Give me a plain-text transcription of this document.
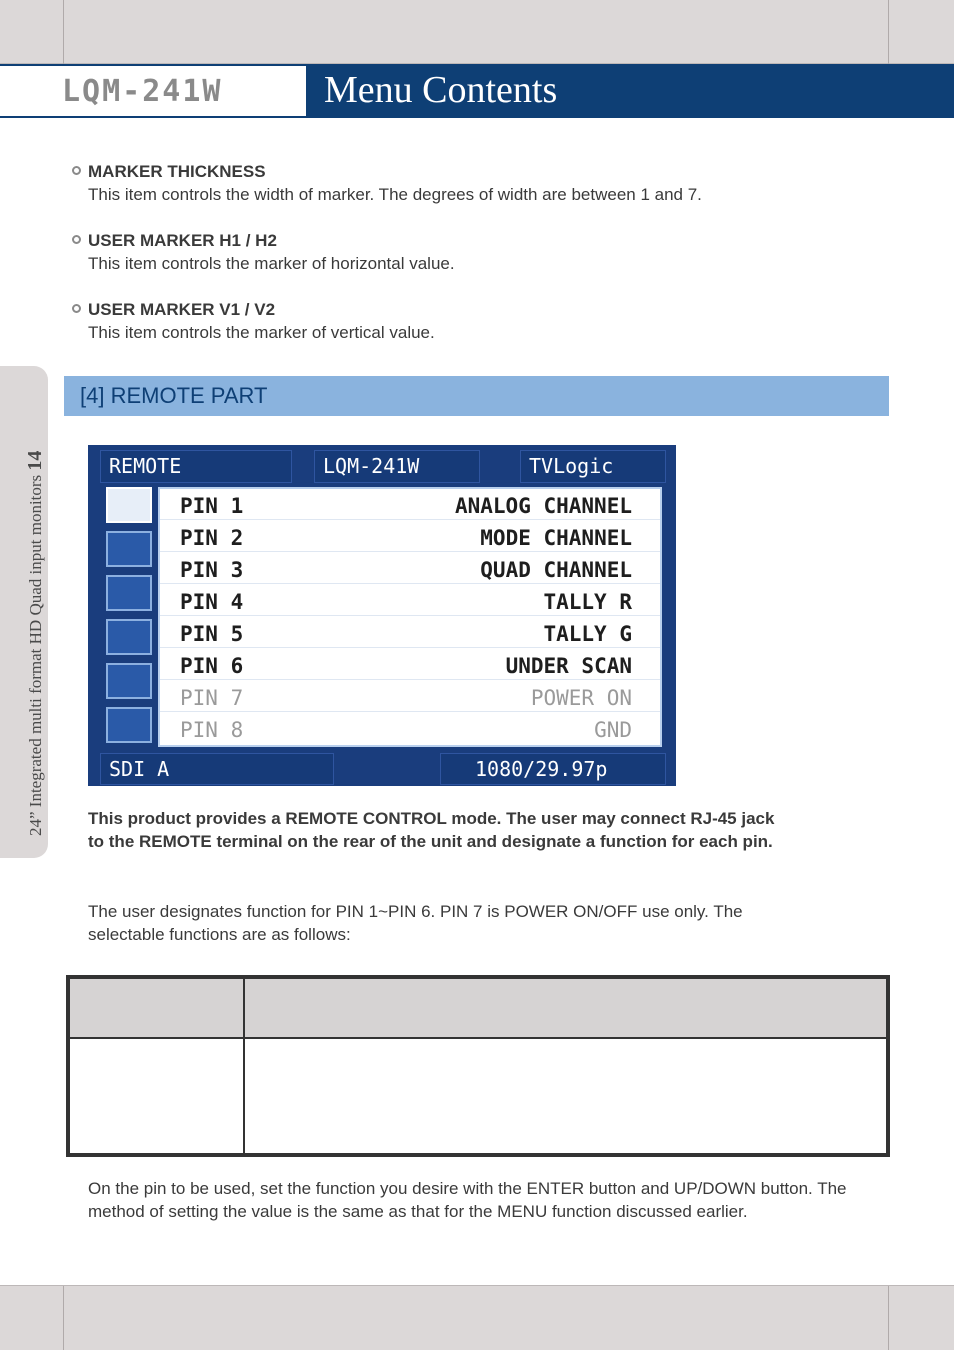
LQM-241W	Menu Contents
24” Integrated multi format HD Quad input monitors 14
MARKER THICKNESS
This item controls the width of marker. The degrees of width are between 1 and 7.
USER MARKER H1 / H2
This item controls the marker of horizontal value.
USER MARKER V1 / V2
This item controls the marker of vertical value.
[4] REMOTE PART
REMOTE	LQM-241W	TVLogic
PIN 1	ANALOG CHANNEL
PIN 2	MODE CHANNEL
PIN 3	QUAD CHANNEL
PIN 4	TALLY R
PIN 5	TALLY G
PIN 6	UNDER SCAN
PIN 7	POWER ON
PIN 8	GND
SDI A	1080/29.97p

This product provides a REMOTE CONTROL mode. The user may connect RJ-45 jack to the REMOTE terminal on the rear of the unit and designate a function for each pin.

The user designates function for PIN 1~PIN 6. PIN 7 is POWER ON/OFF use only. The selectable functions are as follows:

On the pin to be used, set the function you desire with the ENTER button and UP/DOWN button. The method of setting the value is the same as that for the MENU function discussed earlier.
